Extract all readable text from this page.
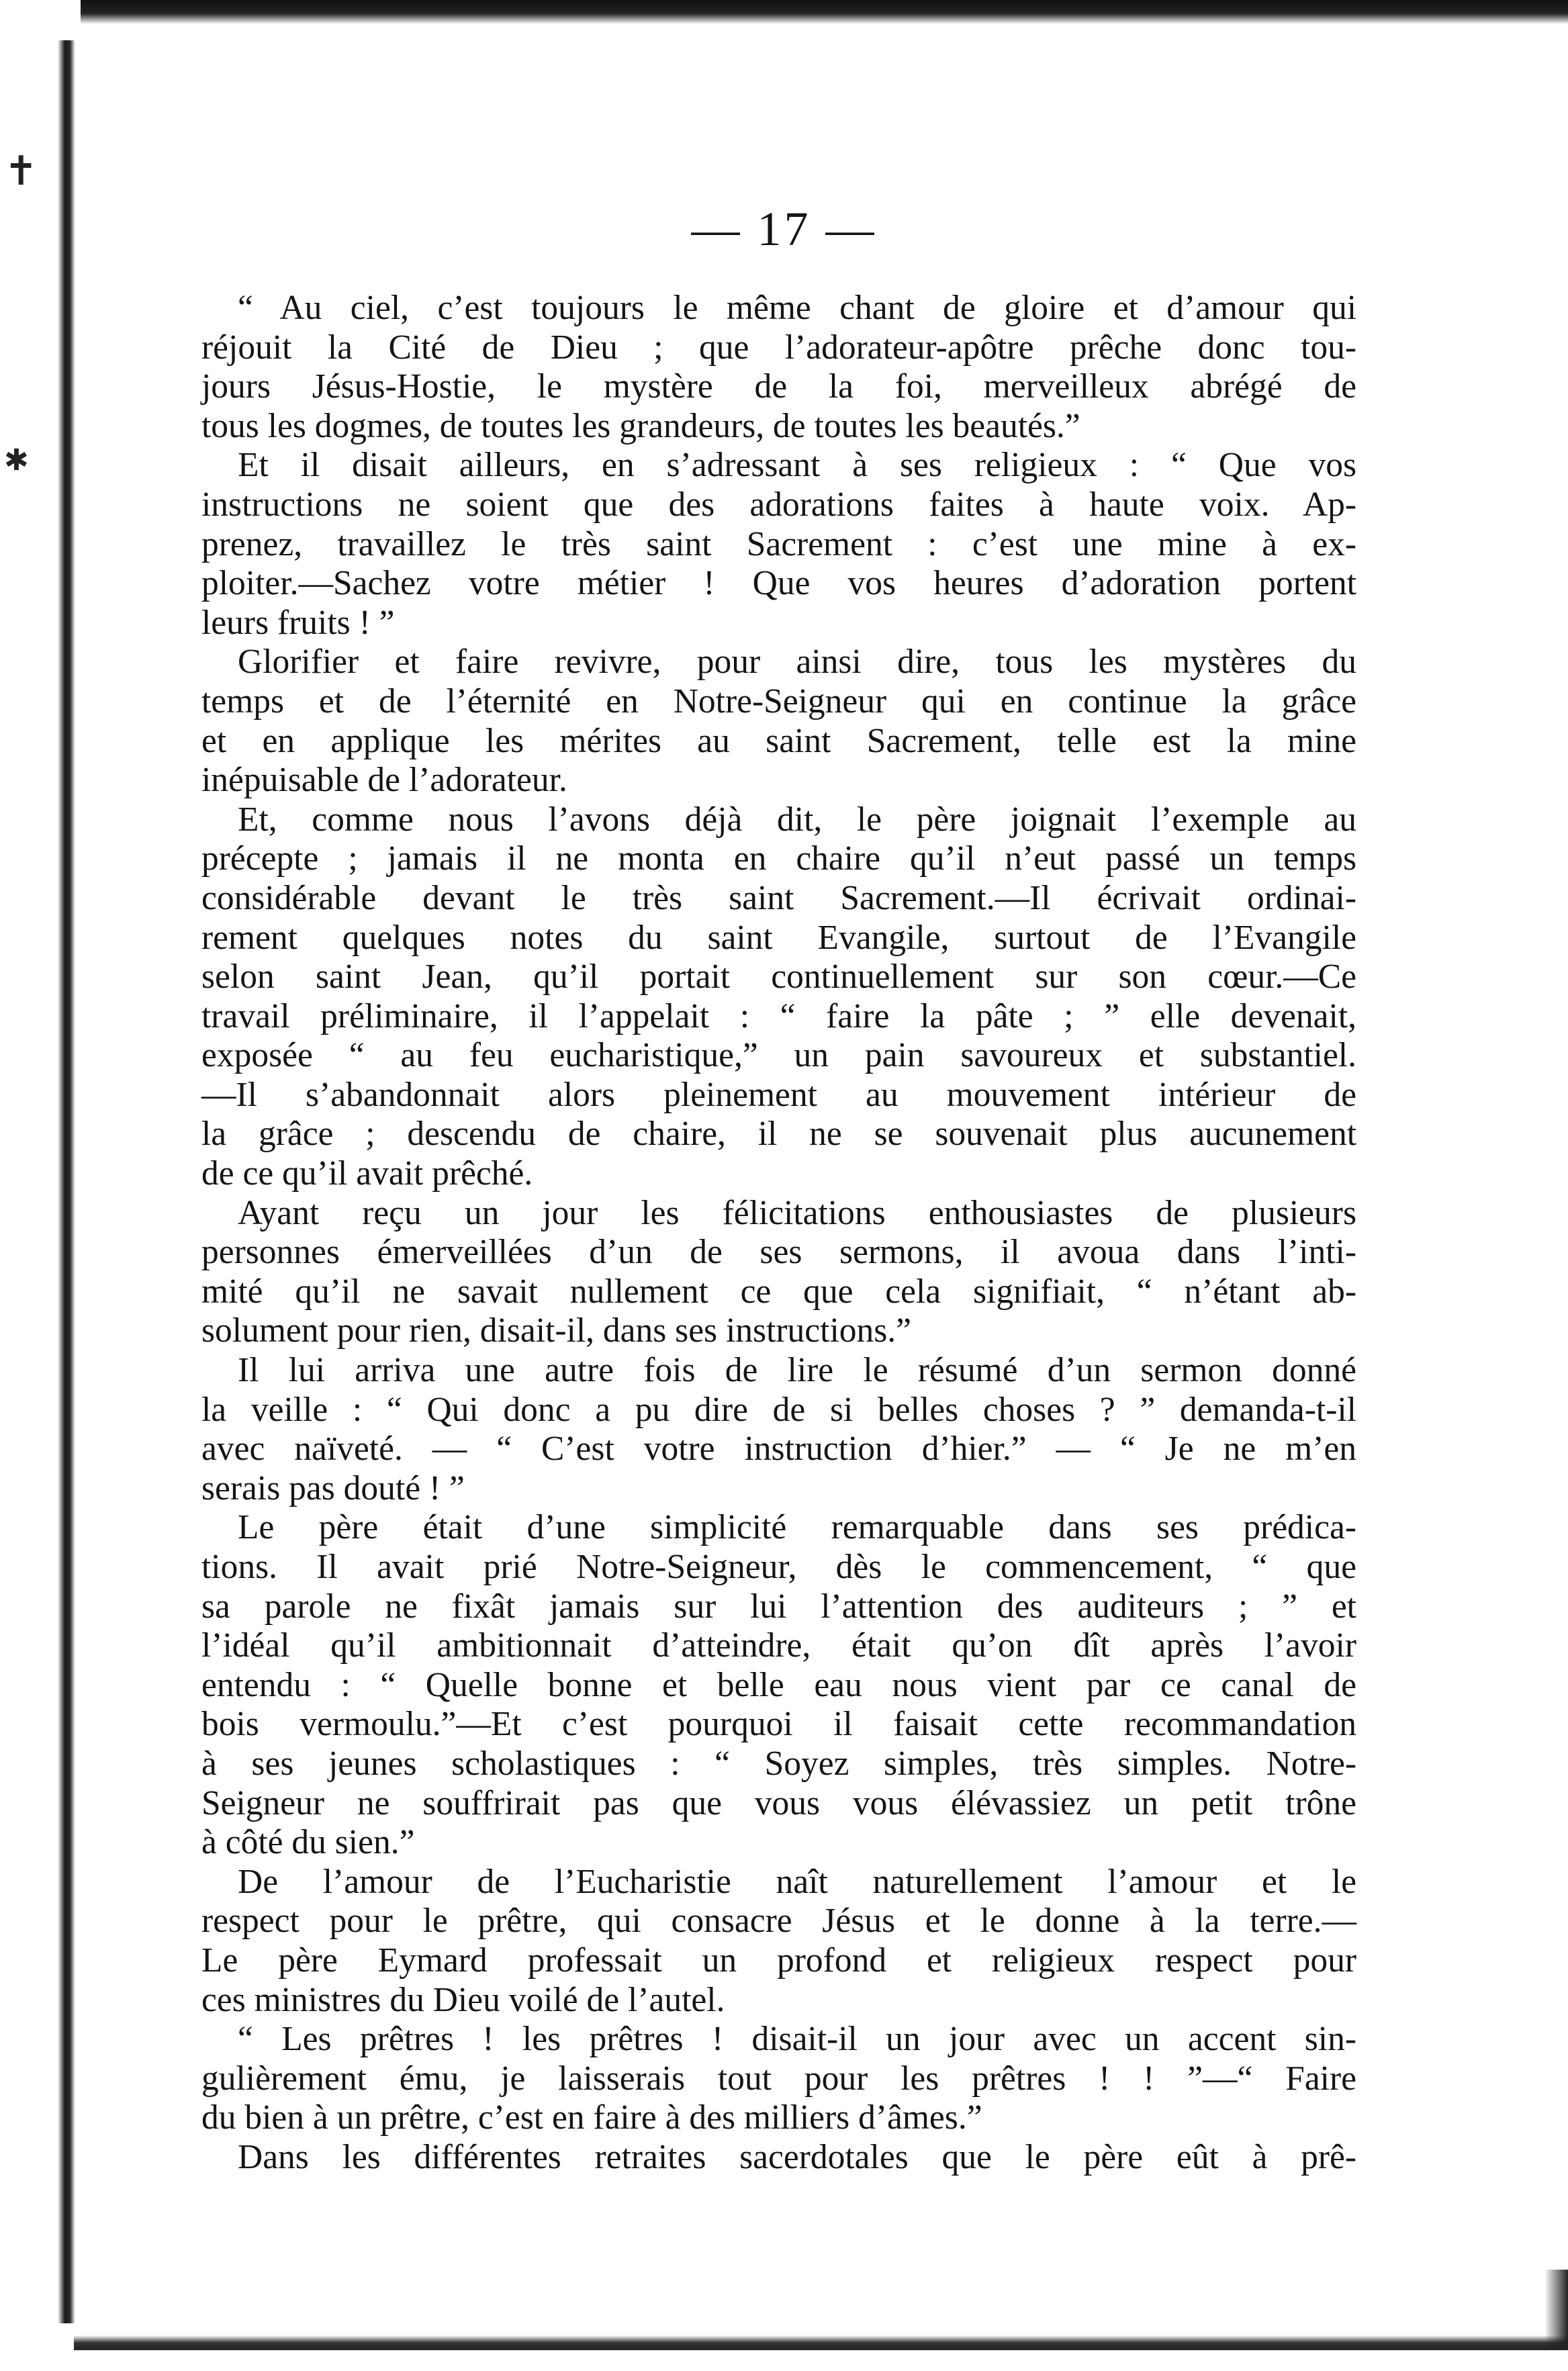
✝
✱
— 17 —
“ Au ciel, c’est toujours le même chant de gloire et d’amour qui
réjouit la Cité de Dieu ; que l’adorateur-apôtre prêche donc tou-
jours Jésus-Hostie, le mystère de la foi, merveilleux abrégé de
tous les dogmes, de toutes les grandeurs, de toutes les beautés.”
Et il disait ailleurs, en s’adressant à ses religieux : “ Que vos
instructions ne soient que des adorations faites à haute voix. Ap-
prenez, travaillez le très saint Sacrement : c’est une mine à ex-
ploiter.—Sachez votre métier ! Que vos heures d’adoration portent
leurs fruits ! ”
Glorifier et faire revivre, pour ainsi dire, tous les mystères du
temps et de l’éternité en Notre-Seigneur qui en continue la grâce
et en applique les mérites au saint Sacrement, telle est la mine
inépuisable de l’adorateur.
Et, comme nous l’avons déjà dit, le père joignait l’exemple au
précepte ; jamais il ne monta en chaire qu’il n’eut passé un temps
considérable devant le très saint Sacrement.—Il écrivait ordinai-
rement quelques notes du saint Evangile, surtout de l’Evangile
selon saint Jean, qu’il portait continuellement sur son cœur.—Ce
travail préliminaire, il l’appelait : “ faire la pâte ; ” elle devenait,
exposée “ au feu eucharistique,” un pain savoureux et substantiel.
—Il s’abandonnait alors pleinement au mouvement intérieur de
la grâce ; descendu de chaire, il ne se souvenait plus aucunement
de ce qu’il avait prêché.
Ayant reçu un jour les félicitations enthousiastes de plusieurs
personnes émerveillées d’un de ses sermons, il avoua dans l’inti-
mité qu’il ne savait nullement ce que cela signifiait, “ n’étant ab-
solument pour rien, disait-il, dans ses instructions.”
Il lui arriva une autre fois de lire le résumé d’un sermon donné
la veille : “ Qui donc a pu dire de si belles choses ? ” demanda-t-il
avec naïveté. — “ C’est votre instruction d’hier.” — “ Je ne m’en
serais pas douté ! ”
Le père était d’une simplicité remarquable dans ses prédica-
tions. Il avait prié Notre-Seigneur, dès le commencement, “ que
sa parole ne fixât jamais sur lui l’attention des auditeurs ; ” et
l’idéal qu’il ambitionnait d’atteindre, était qu’on dît après l’avoir
entendu : “ Quelle bonne et belle eau nous vient par ce canal de
bois vermoulu.”—Et c’est pourquoi il faisait cette recommandation
à ses jeunes scholastiques : “ Soyez simples, très simples. Notre-
Seigneur ne souffrirait pas que vous vous élévassiez un petit trône
à côté du sien.”
De l’amour de l’Eucharistie naît naturellement l’amour et le
respect pour le prêtre, qui consacre Jésus et le donne à la terre.—
Le père Eymard professait un profond et religieux respect pour
ces ministres du Dieu voilé de l’autel.
“ Les prêtres ! les prêtres ! disait-il un jour avec un accent sin-
gulièrement ému, je laisserais tout pour les prêtres ! ! ”—“ Faire
du bien à un prêtre, c’est en faire à des milliers d’âmes.”
Dans les différentes retraites sacerdotales que le père eût à prê-
